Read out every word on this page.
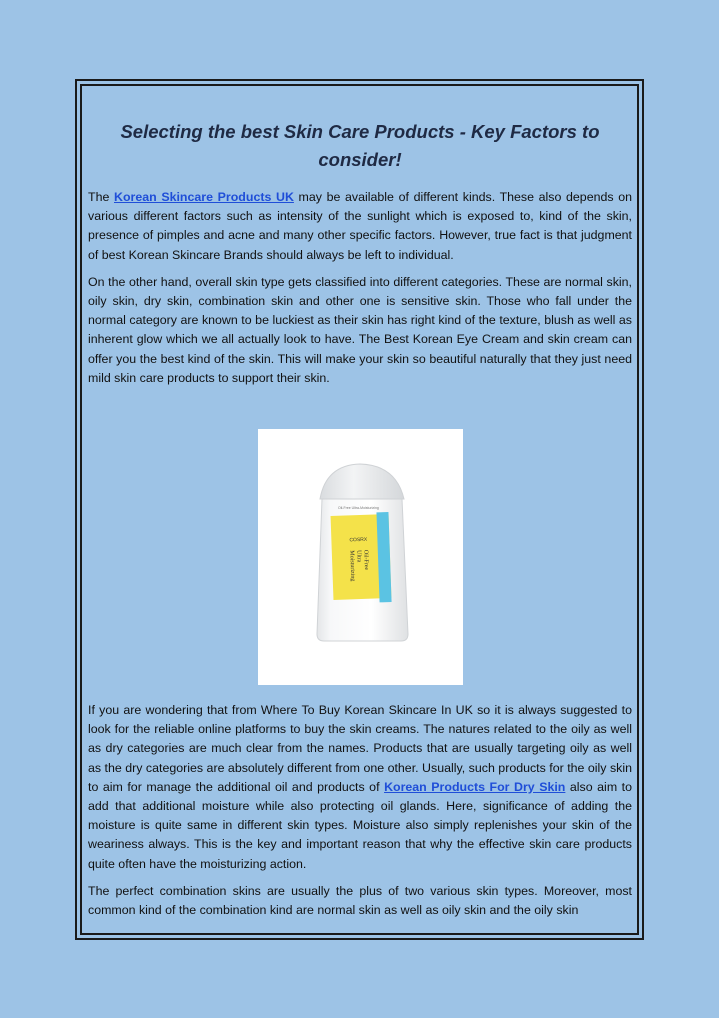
Selecting the best Skin Care Products - Key Factors to consider!

The Korean Skincare Products UK may be available of different kinds. These also depends on various different factors such as intensity of the sunlight which is exposed to, kind of the skin, presence of pimples and acne and many other specific factors. However, true fact is that judgment of best Korean Skincare Brands should always be left to individual.

On the other hand, overall skin type gets classified into different categories. These are normal skin, oily skin, dry skin, combination skin and other one is sensitive skin. Those who fall under the normal category are known to be luckiest as their skin has right kind of the texture, blush as well as inherent glow which we all actually look to have. The Best Korean Eye Cream and skin cream can offer you the best kind of the skin. This will make your skin so beautiful naturally that they just need mild skin care products to support their skin.

COSRX
Oil-Free Ultra-Moisturizing
Oil-Free
Ultra
Moisturizing

If you are wondering that from Where To Buy Korean Skincare In UK so it is always suggested to look for the reliable online platforms to buy the skin creams. The natures related to the oily as well as dry categories are much clear from the names. Products that are usually targeting oily as well as the dry categories are absolutely different from one other. Usually, such products for the oily skin to aim for manage the additional oil and products of Korean Products For Dry Skin also aim to add that additional moisture while also protecting oil glands. Here, significance of adding the moisture is quite same in different skin types. Moisture also simply replenishes your skin of the weariness always. This is the key and important reason that why the effective skin care products quite often have the moisturizing action.

The perfect combination skins are usually the plus of two various skin types. Moreover, most common kind of the combination kind are normal skin as well as oily skin and the oily skin
